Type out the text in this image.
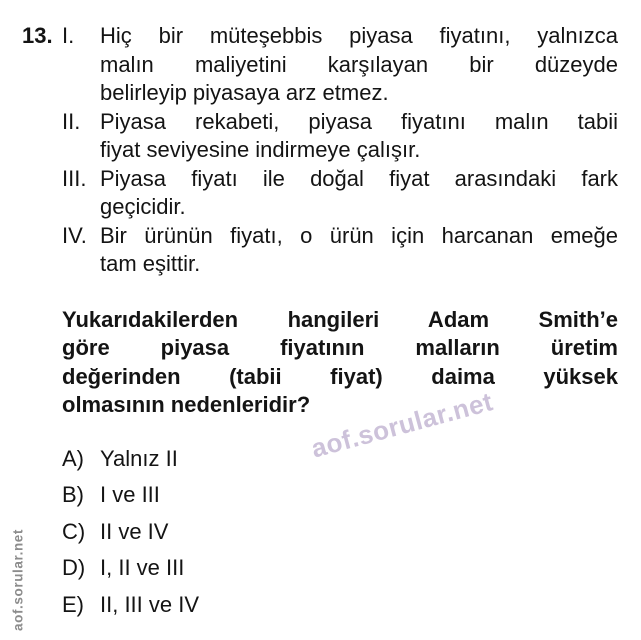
13. I.	Hiç bir müteşebbis piyasa fiyatını, yalnızca
malın maliyetini karşılayan bir düzeyde
belirleyip piyasaya arz etmez.
II. Piyasa rekabeti, piyasa fiyatını malın tabii
fiyat seviyesine indirmeye çalışır.
III. Piyasa fiyatı ile doğal fiyat arasındaki fark
geçicidir.
IV. Bir ürünün fiyatı, o ürün için harcanan emeğe
tam eşittir.
Yukarıdakilerden hangileri Adam Smith’e
göre piyasa fiyatının malların üretim
değerinden (tabii fiyat) daima yüksek
olmasının nedenleridir?
A) Yalnız II
B) I ve III
C) II ve IV
D) I, II ve III
E) II, III ve IV
aof.sorular.net
aof.sorular.net
